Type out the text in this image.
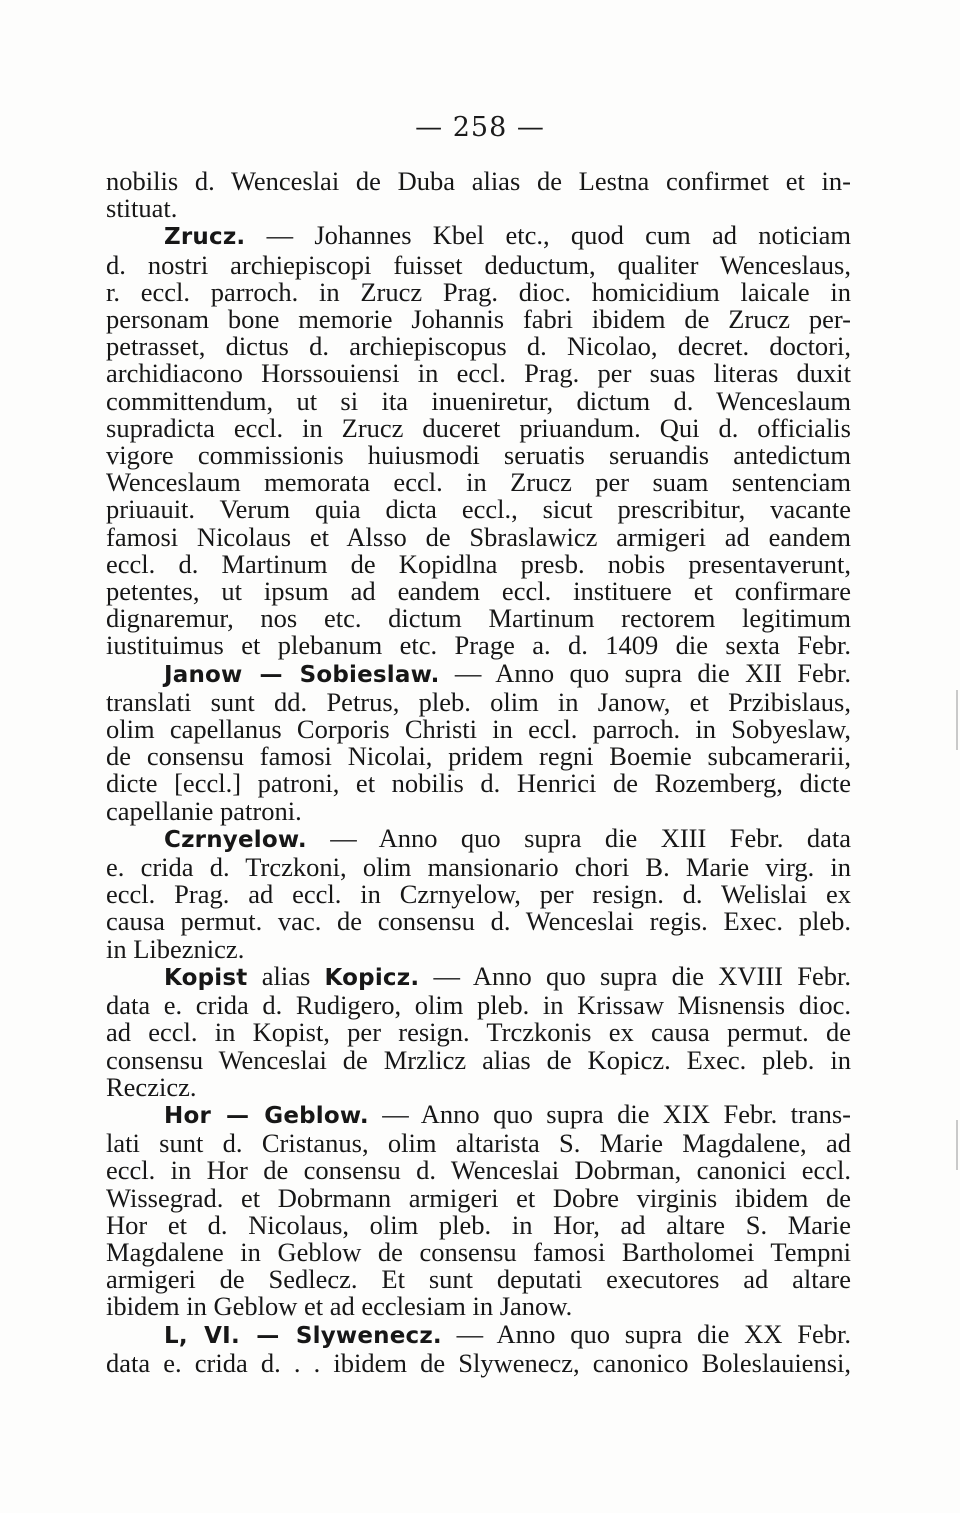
— 258 —
nobilis d. Wenceslai de Duba alias de Lestna confirmet et in-
stituat.
Zrucz. — Johannes Kbel etc., quod cum ad noticiam
d. nostri archiepiscopi fuisset deductum, qualiter Wenceslaus,
r. eccl. parroch. in Zrucz Prag. dioc. homicidium laicale in
personam bone memorie Johannis fabri ibidem de Zrucz per-
petrasset, dictus d. archiepiscopus d. Nicolao, decret. doctori,
archidiacono Horssouiensi in eccl. Prag. per suas literas duxit
committendum, ut si ita inueniretur, dictum d. Wenceslaum
supradicta eccl. in Zrucz duceret priuandum. Qui d. officialis
vigore commissionis huiusmodi seruatis seruandis antedictum
Wenceslaum memorata eccl. in Zrucz per suam sentenciam
priuauit. Verum quia dicta eccl., sicut prescribitur, vacante
famosi Nicolaus et Alsso de Sbraslawicz armigeri ad eandem
eccl. d. Martinum de Kopidlna presb. nobis presentaverunt,
petentes, ut ipsum ad eandem eccl. instituere et confirmare
dignaremur, nos etc. dictum Martinum rectorem legitimum
iustituimus et plebanum etc. Prage a. d. 1409 die sexta Febr.
Janow — Sobieslaw. — Anno quo supra die XII Febr.
translati sunt dd. Petrus, pleb. olim in Janow, et Przibislaus,
olim capellanus Corporis Christi in eccl. parroch. in Sobyeslaw,
de consensu famosi Nicolai, pridem regni Boemie subcamerarii,
dicte [eccl.] patroni, et nobilis d. Henrici de Rozemberg, dicte
capellanie patroni.
Czrnyelow. — Anno quo supra die XIII Febr. data
e. crida d. Trczkoni, olim mansionario chori B. Marie virg. in
eccl. Prag. ad eccl. in Czrnyelow, per resign. d. Welislai ex
causa permut. vac. de consensu d. Wenceslai regis. Exec. pleb.
in Libeznicz.
Kopist alias Kopicz. — Anno quo supra die XVIII Febr.
data e. crida d. Rudigero, olim pleb. in Krissaw Misnensis dioc.
ad eccl. in Kopist, per resign. Trczkonis ex causa permut. de
consensu Wenceslai de Mrzlicz alias de Kopicz. Exec. pleb. in
Reczicz.
Hor — Geblow. — Anno quo supra die XIX Febr. trans-
lati sunt d. Cristanus, olim altarista S. Marie Magdalene, ad
eccl. in Hor de consensu d. Wenceslai Dobrman, canonici eccl.
Wissegrad. et Dobrmann armigeri et Dobre virginis ibidem de
Hor et d. Nicolaus, olim pleb. in Hor, ad altare S. Marie
Magdalene in Geblow de consensu famosi Bartholomei Tempni
armigeri de Sedlecz. Et sunt deputati executores ad altare
ibidem in Geblow et ad ecclesiam in Janow.
L, VI. — Slywenecz. — Anno quo supra die XX Febr.
data e. crida d. . . ibidem de Slywenecz, canonico Boleslauiensi,
